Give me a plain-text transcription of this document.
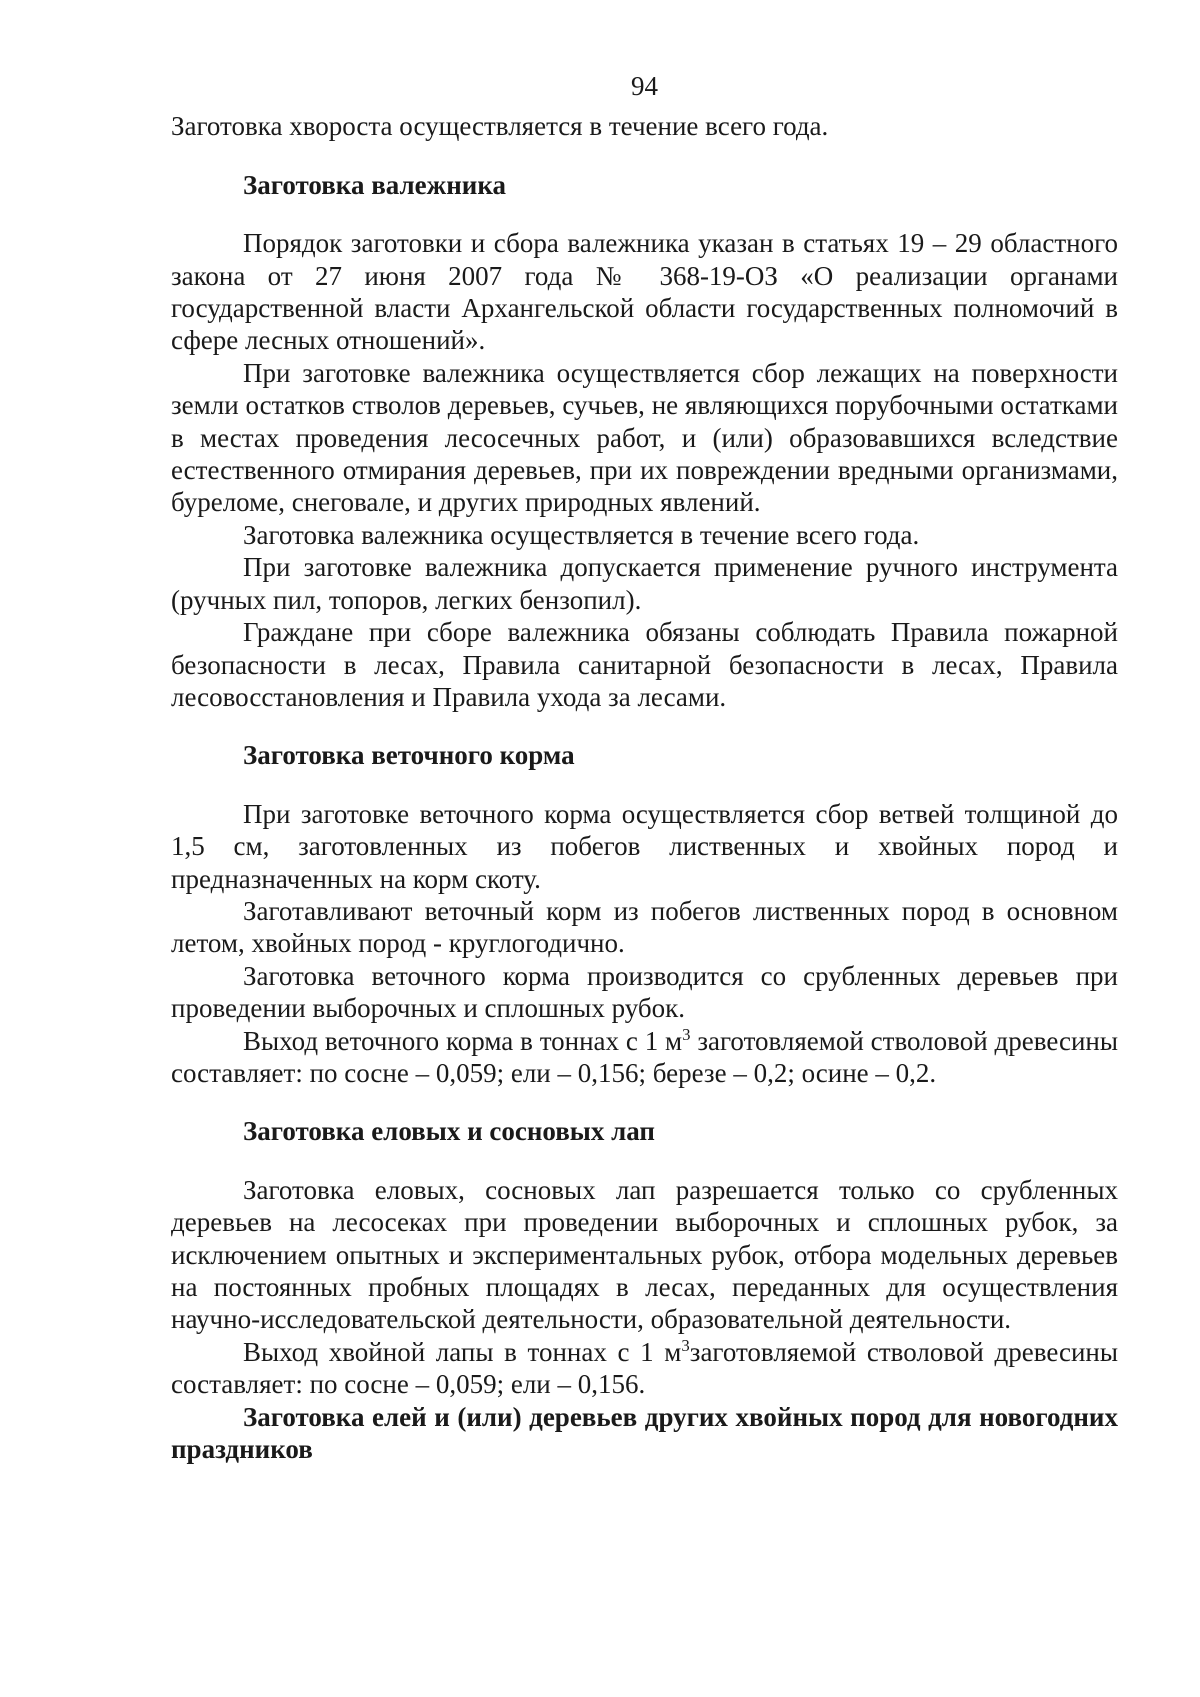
94

Заготовка хвороста осуществляется в течение всего года.

Заготовка валежника

Порядок заготовки и сбора валежника указан в статьях 19 – 29 областного закона от 27 июня 2007 года № 368-19-ОЗ «О реализации органами государственной власти Архангельской области государственных полномочий в сфере лесных отношений».

При заготовке валежника осуществляется сбор лежащих на поверхности земли остатков стволов деревьев, сучьев, не являющихся порубочными остатками в местах проведения лесосечных работ, и (или) образовавшихся вследствие естественного отмирания деревьев, при их повреждении вредными организмами, буреломе, снеговале, и других природных явлений.

Заготовка валежника осуществляется в течение всего года.

При заготовке валежника допускается применение ручного инструмента (ручных пил, топоров, легких бензопил).

Граждане при сборе валежника обязаны соблюдать Правила пожарной безопасности в лесах, Правила санитарной безопасности в лесах, Правила лесовосстановления и Правила ухода за лесами.

Заготовка веточного корма

При заготовке веточного корма осуществляется сбор ветвей толщиной до 1,5 см, заготовленных из побегов лиственных и хвойных пород и предназначенных на корм скоту.

Заготавливают веточный корм из побегов лиственных пород в основном летом, хвойных пород - круглогодично.

Заготовка веточного корма производится со срубленных деревьев при проведении выборочных и сплошных рубок.

Выход веточного корма в тоннах с 1 $м^3$ заготовляемой стволовой древесины составляет: по сосне – 0,059; ели – 0,156; березе – 0,2; осине – 0,2.

Заготовка еловых и сосновых лап

Заготовка еловых, сосновых лап разрешается только со срубленных деревьев на лесосеках при проведении выборочных и сплошных рубок, за исключением опытных и экспериментальных рубок, отбора модельных деревьев на постоянных пробных площадях в лесах, переданных для осуществления научно-исследовательской деятельности, образовательной деятельности.

Выход хвойной лапы в тоннах с 1 $м^3заготовляемой$ стволовой древесины составляет: по сосне – 0,059; ели – 0,156.

Заготовка елей и (или) деревьев других хвойных пород для новогодних праздников
